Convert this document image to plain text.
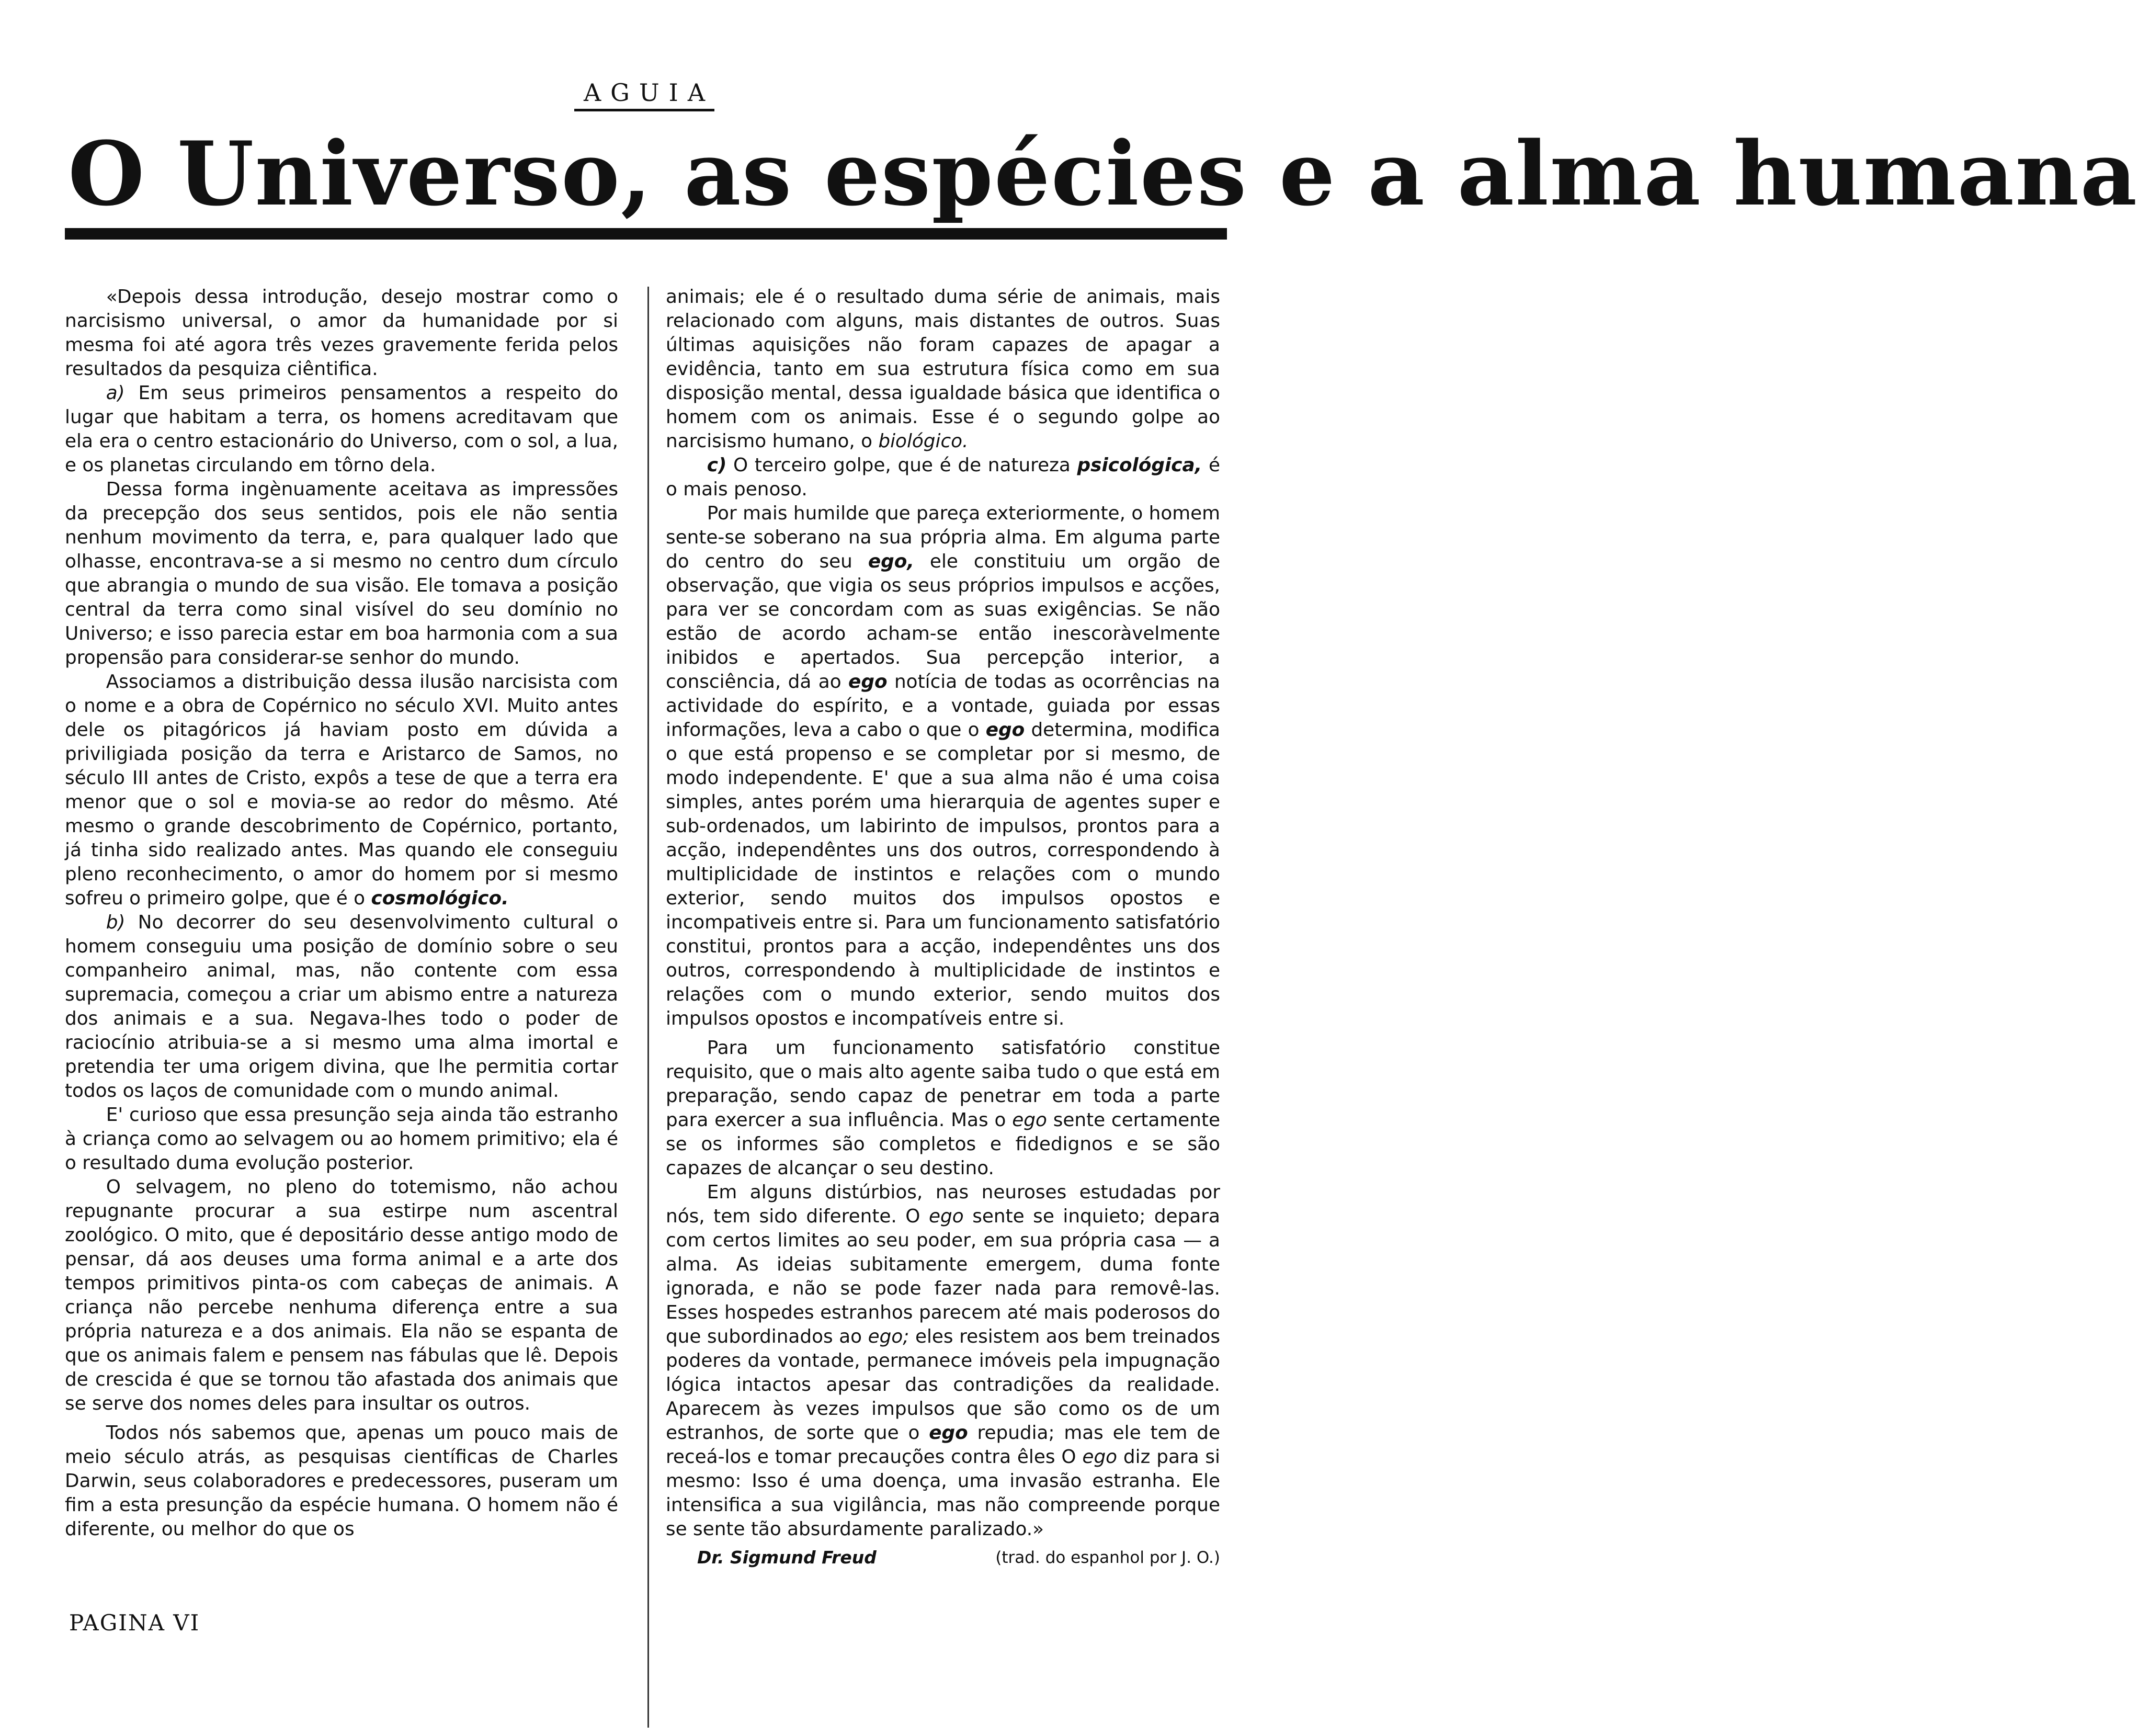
AGUIA
O Universo, as espécies e a alma humana

«Depois dessa introdução, desejo mostrar como o narcisismo universal, o amor da humanidade por si mesma foi até agora três vezes gravemente ferida pelos resultados da pesquiza ciêntifica.

a) Em seus primeiros pensamentos a respeito do lugar que habitam a terra, os homens acreditavam que ela era o centro estacionário do Universo, com o sol, a lua, e os planetas circulando em tôrno dela.

Dessa forma ingènuamente aceitava as impressões da precepção dos seus sentidos, pois ele não sentia nenhum movimento da terra, e, para qualquer lado que olhasse, encontrava-se a si mesmo no centro dum círculo que abrangia o mundo de sua visão. Ele tomava a posição central da terra como sinal visível do seu domínio no Universo; e isso parecia estar em boa harmonia com a sua propensão para considerar-se senhor do mundo.

Associamos a distribuição dessa ilusão narcisista com o nome e a obra de Copérnico no século XVI. Muito antes dele os pitagóricos já haviam posto em dúvida a priviligiada posição da terra e Aristarco de Samos, no século III antes de Cristo, expôs a tese de que a terra era menor que o sol e movia-se ao redor do mêsmo. Até mesmo o grande descobrimento de Copérnico, portanto, já tinha sido realizado antes. Mas quando ele conseguiu pleno reconhecimento, o amor do homem por si mesmo sofreu o primeiro golpe, que é o cosmológico.

b) No decorrer do seu desenvolvimento cultural o homem conseguiu uma posição de domínio sobre o seu companheiro animal, mas, não contente com essa supremacia, começou a criar um abismo entre a natureza dos animais e a sua. Negava-lhes todo o poder de raciocínio atribuia-se a si mesmo uma alma imortal e pretendia ter uma origem divina, que lhe permitia cortar todos os laços de comunidade com o mundo animal.

E' curioso que essa presunção seja ainda tão estranho à criança como ao selvagem ou ao homem primitivo; ela é o resultado duma evolução posterior.

O selvagem, no pleno do totemismo, não achou repugnante procurar a sua estirpe num ascentral zoológico. O mito, que é depositário desse antigo modo de pensar, dá aos deuses uma forma animal e a arte dos tempos primitivos pinta-os com cabeças de animais. A criança não percebe nenhuma diferença entre a sua própria natureza e a dos animais. Ela não se espanta de que os animais falem e pensem nas fábulas que lê. Depois de crescida é que se tornou tão afastada dos animais que se serve dos nomes deles para insultar os outros.

Todos nós sabemos que, apenas um pouco mais de meio século atrás, as pesquisas científicas de Charles Darwin, seus colaboradores e predecessores, puseram um fim a esta presunção da espécie humana. O homem não é diferente, ou melhor do que os

animais; ele é o resultado duma série de animais, mais relacionado com alguns, mais distantes de outros. Suas últimas aquisições não foram capazes de apagar a evidência, tanto em sua estrutura física como em sua disposição mental, dessa igualdade básica que identifica o homem com os animais. Esse é o segundo golpe ao narcisismo humano, o biológico.

c) O terceiro golpe, que é de natureza psicológica, é o mais penoso.

Por mais humilde que pareça exteriormente, o homem sente-se soberano na sua própria alma. Em alguma parte do centro do seu ego, ele constituiu um orgão de observação, que vigia os seus próprios impulsos e acções, para ver se concordam com as suas exigências. Se não estão de acordo acham-se então inescoràvelmente inibidos e apertados. Sua percepção interior, a consciência, dá ao ego notícia de todas as ocorrências na actividade do espírito, e a vontade, guiada por essas informações, leva a cabo o que o ego determina, modifica o que está propenso e se completar por si mesmo, de modo independente. E' que a sua alma não é uma coisa simples, antes porém uma hierarquia de agentes super e sub-ordenados, um labirinto de impulsos, prontos para a acção, independêntes uns dos outros, correspondendo à multiplicidade de instintos e relações com o mundo exterior, sendo muitos dos impulsos opostos e incompativeis entre si. Para um funcionamento satisfatório constitui, prontos para a acção, independêntes uns dos outros, correspondendo à multiplicidade de instintos e relações com o mundo exterior, sendo muitos dos impulsos opostos e incompatíveis entre si.

Para um funcionamento satisfatório constitue requisito, que o mais alto agente saiba tudo o que está em preparação, sendo capaz de penetrar em toda a parte para exercer a sua influência. Mas o ego sente certamente se os informes são completos e fidedignos e se são capazes de alcançar o seu destino.

Em alguns distúrbios, nas neuroses estudadas por nós, tem sido diferente. O ego sente se inquieto; depara com certos limites ao seu poder, em sua própria casa — a alma. As ideias subitamente emergem, duma fonte ignorada, e não se pode fazer nada para removê-las. Esses hospedes estranhos parecem até mais poderosos do que subordinados ao ego; eles resistem aos bem treinados poderes da vontade, permanece imóveis pela impugnação lógica intactos apesar das contradições da realidade. Aparecem às vezes impulsos que são como os de um estranhos, de sorte que o ego repudia; mas ele tem de receá-los e tomar precauções contra êles O ego diz para si mesmo: Isso é uma doença, uma invasão estranha. Ele intensifica a sua vigilância, mas não compreende porque se sente tão absurdamente paralizado.»

Dr. Sigmund Freud	(trad. do espanhol por J. O.)
PAGINA VI
